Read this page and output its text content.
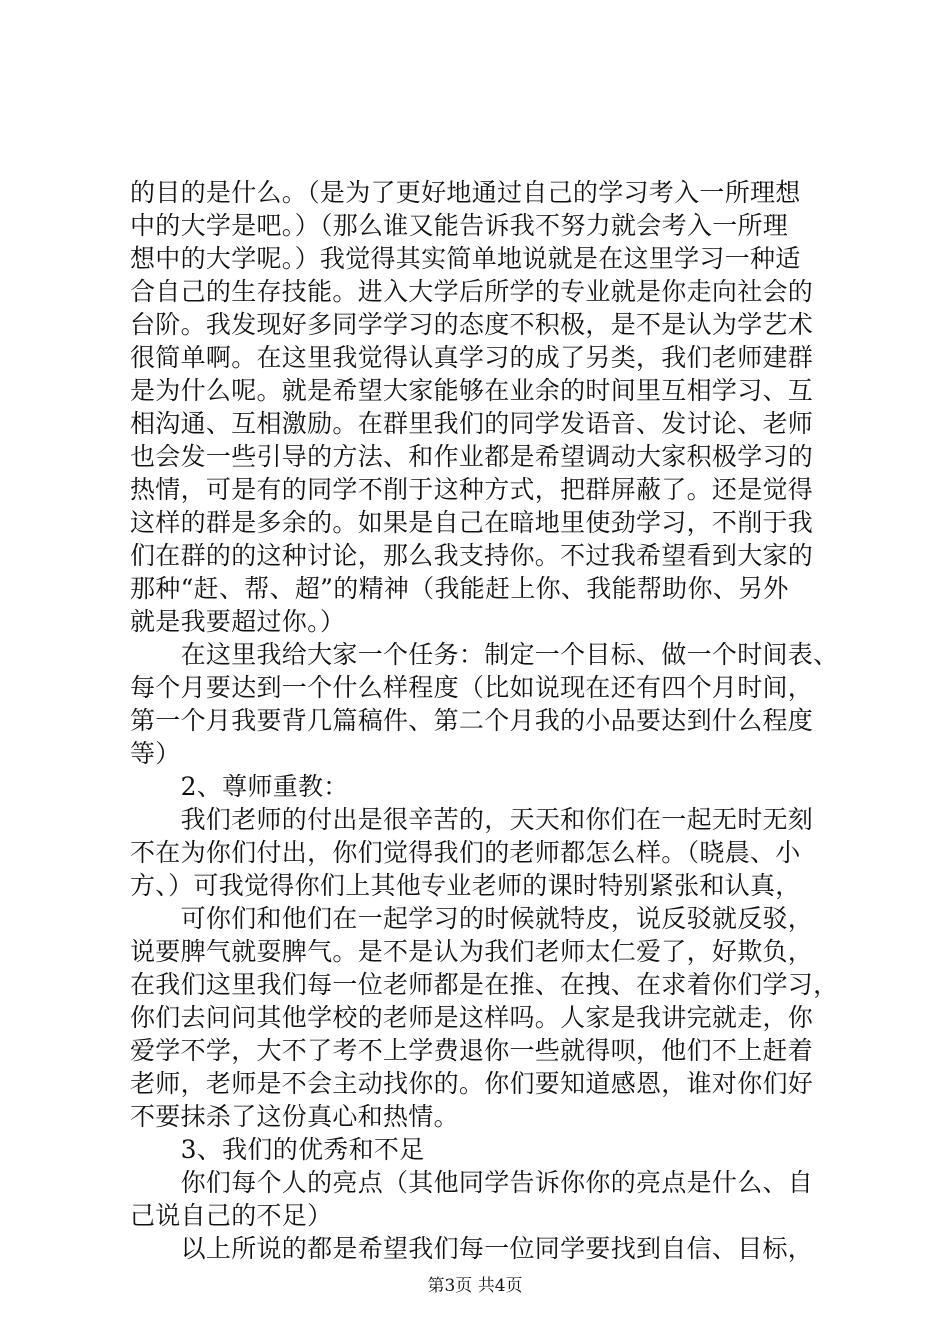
的目的是什么。（是为了更好地通过自己的学习考入一所理想
中的大学是吧。）（那么谁又能告诉我不努力就会考入一所理
想中的大学呢。）我觉得其实简单地说就是在这里学习一种适
合自己的生存技能。进入大学后所学的专业就是你走向社会的
台阶。我发现好多同学学习的态度不积极，是不是认为学艺术
很简单啊。在这里我觉得认真学习的成了另类，我们老师建群
是为什么呢。就是希望大家能够在业余的时间里互相学习、互
相沟通、互相激励。在群里我们的同学发语音、发讨论、老师
也会发一些引导的方法、和作业都是希望调动大家积极学习的
热情，可是有的同学不削于这种方式，把群屏蔽了。还是觉得
这样的群是多余的。如果是自己在暗地里使劲学习，不削于我
们在群的的这种讨论，那么我支持你。不过我希望看到大家的
那种“赶、帮、超”的精神（我能赶上你、我能帮助你、另外
就是我要超过你。）
　　在这里我给大家一个任务：制定一个目标、做一个时间表、
每个月要达到一个什么样程度（比如说现在还有四个月时间，
第一个月我要背几篇稿件、第二个月我的小品要达到什么程度
等）
　　2、尊师重教：
　　我们老师的付出是很辛苦的，天天和你们在一起无时无刻
不在为你们付出，你们觉得我们的老师都怎么样。（晓晨、小
方、）可我觉得你们上其他专业老师的课时特别紧张和认真，
　　可你们和他们在一起学习的时候就特皮，说反驳就反驳，
说要脾气就耍脾气。是不是认为我们老师太仁爱了，好欺负，
在我们这里我们每一位老师都是在推、在拽、在求着你们学习，
你们去问问其他学校的老师是这样吗。人家是我讲完就走，你
爱学不学，大不了考不上学费退你一些就得呗，他们不上赶着
老师，老师是不会主动找你的。你们要知道感恩，谁对你们好
不要抹杀了这份真心和热情。
　　3、我们的优秀和不足
　　你们每个人的亮点（其他同学告诉你你的亮点是什么、自
己说自己的不足）
　　以上所说的都是希望我们每一位同学要找到自信、目标，
第3页 共4页
